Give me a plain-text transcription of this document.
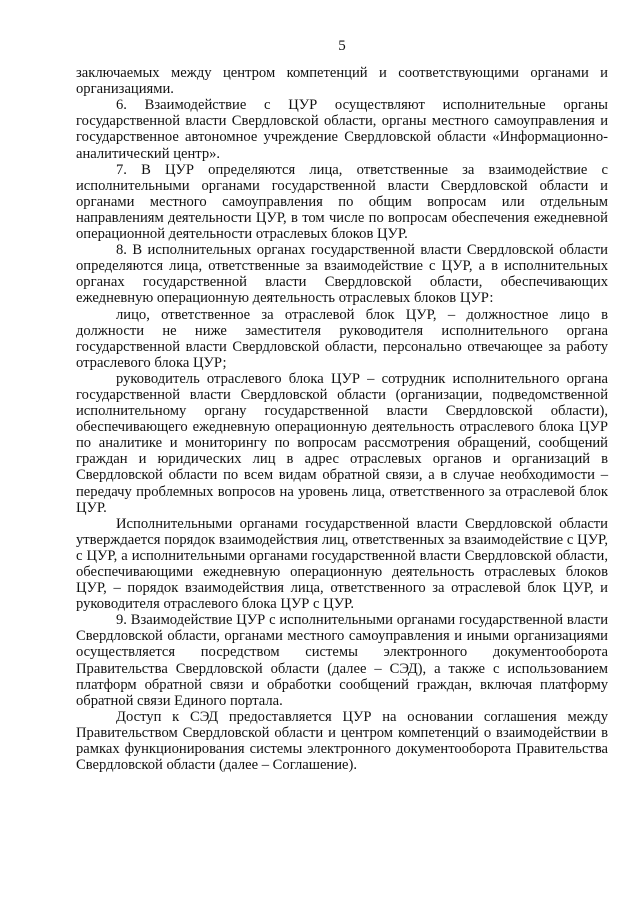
5

заключаемых между центром компетенций и соответствующими органами и организациями.

6. Взаимодействие с ЦУР осуществляют исполнительные органы государственной власти Свердловской области, органы местного самоуправления и государственное автономное учреждение Свердловской области «Информационно-аналитический центр».

7. В ЦУР определяются лица, ответственные за взаимодействие с исполнительными органами государственной власти Свердловской области и органами местного самоуправления по общим вопросам или отдельным направлениям деятельности ЦУР, в том числе по вопросам обеспечения ежедневной операционной деятельности отраслевых блоков ЦУР.

8. В исполнительных органах государственной власти Свердловской области определяются лица, ответственные за взаимодействие с ЦУР, а в исполнительных органах государственной власти Свердловской области, обеспечивающих ежедневную операционную деятельность отраслевых блоков ЦУР:

лицо, ответственное за отраслевой блок ЦУР, – должностное лицо в должности не ниже заместителя руководителя исполнительного органа государственной власти Свердловской области, персонально отвечающее за работу отраслевого блока ЦУР;

руководитель отраслевого блока ЦУР – сотрудник исполнительного органа государственной власти Свердловской области (организации, подведомственной исполнительному органу государственной власти Свердловской области), обеспечивающего ежедневную операционную деятельность отраслевого блока ЦУР по аналитике и мониторингу по вопросам рассмотрения обращений, сообщений граждан и юридических лиц в адрес отраслевых органов и организаций в Свердловской области по всем видам обратной связи, а в случае необходимости – передачу проблемных вопросов на уровень лица, ответственного за отраслевой блок ЦУР.

Исполнительными органами государственной власти Свердловской области утверждается порядок взаимодействия лиц, ответственных за взаимодействие с ЦУР, с ЦУР, а исполнительными органами государственной власти Свердловской области, обеспечивающими ежедневную операционную деятельность отраслевых блоков ЦУР, – порядок взаимодействия лица, ответственного за отраслевой блок ЦУР, и руководителя отраслевого блока ЦУР с ЦУР.

9. Взаимодействие ЦУР с исполнительными органами государственной власти Свердловской области, органами местного самоуправления и иными организациями осуществляется посредством системы электронного документооборота Правительства Свердловской области (далее – СЭД), а также с использованием платформ обратной связи и обработки сообщений граждан, включая платформу обратной связи Единого портала.

Доступ к СЭД предоставляется ЦУР на основании соглашения между Правительством Свердловской области и центром компетенций о взаимодействии в рамках функционирования системы электронного документооборота Правительства Свердловской области (далее – Соглашение).
